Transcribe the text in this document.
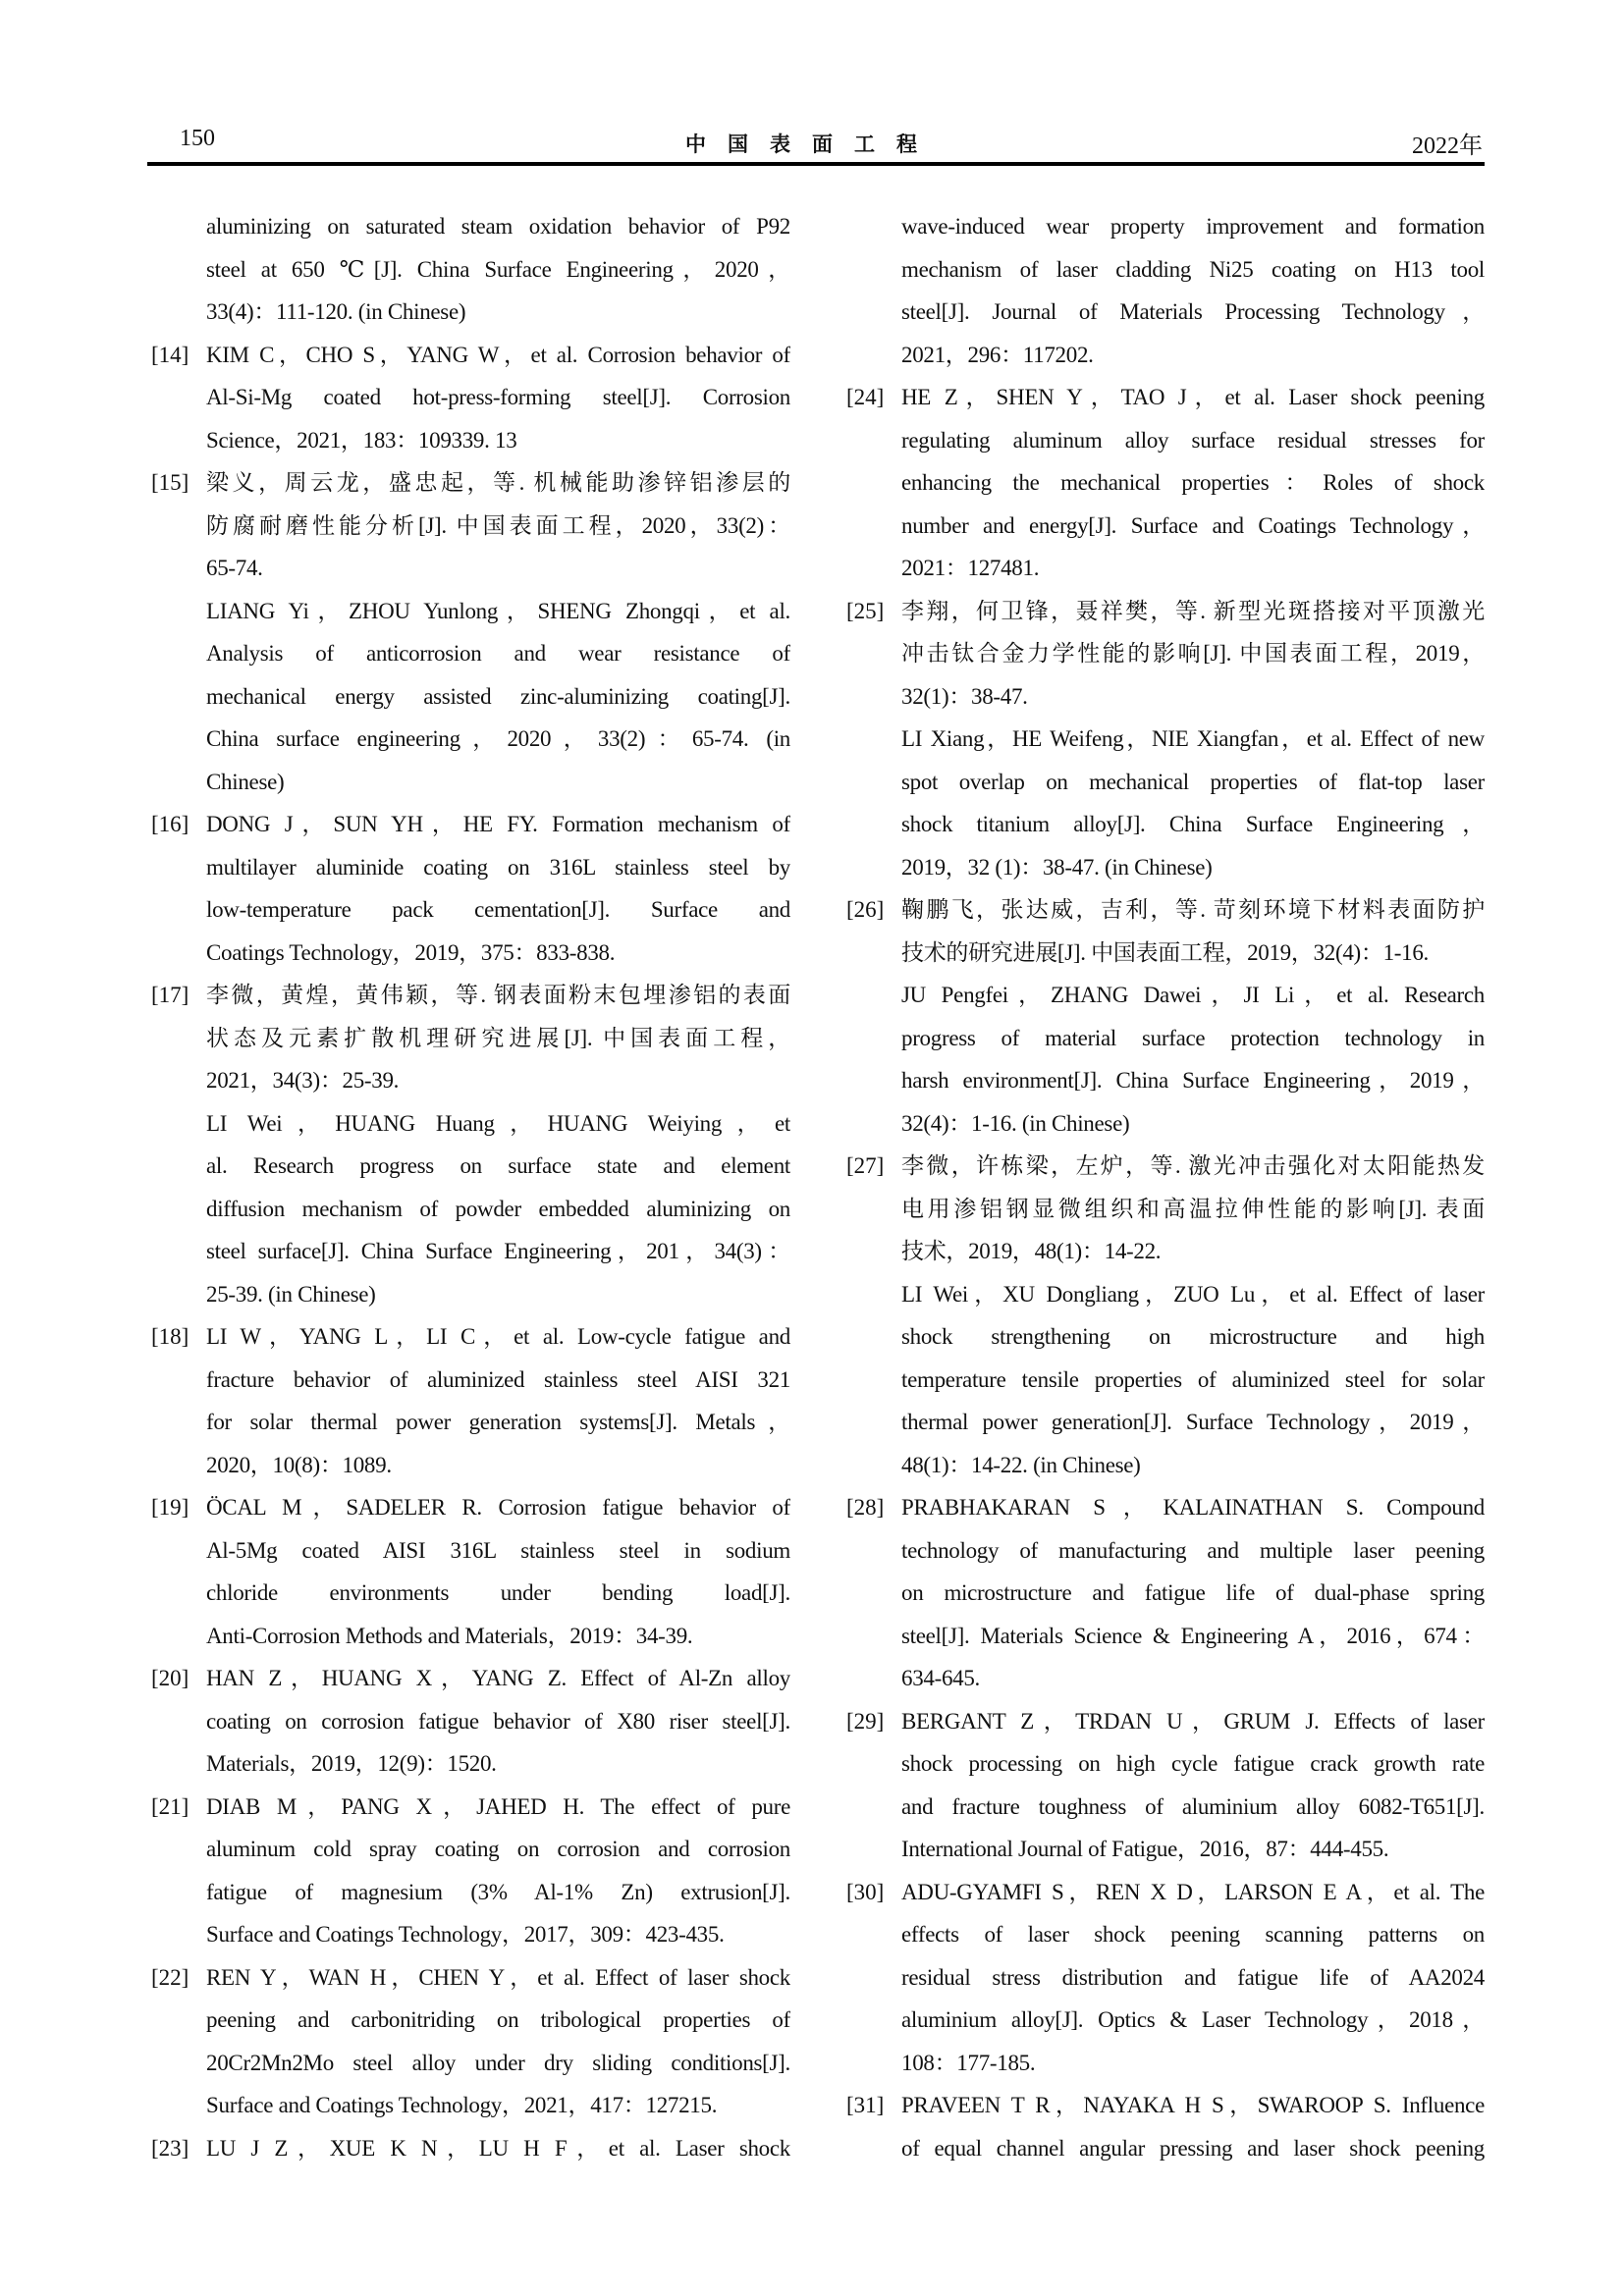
150	中国表面工程	2022年
aluminizing on saturated steam oxidation behavior of P92
steel at 650 ℃[J]. China Surface Engineering，2020，
33(4)：111-120. (in Chinese)
[14] KIM C，CHO S，YANG W，et al. Corrosion behavior of
Al-Si-Mg coated hot-press-forming steel[J]. Corrosion
Science，2021，183：109339. 13
[15] 梁义，周云龙，盛忠起，等. 机械能助渗锌铝渗层的
防腐耐磨性能分析[J]. 中国表面工程，2020，33(2)：
65-74.
LIANG Yi，ZHOU Yunlong，SHENG Zhongqi，et al.
Analysis of anticorrosion and wear resistance of
mechanical energy assisted zinc-aluminizing coating[J].
China surface engineering，2020，33(2)：65-74. (in
Chinese)
[16] DONG J，SUN YH，HE FY. Formation mechanism of
multilayer aluminide coating on 316L stainless steel by
low-temperature pack cementation[J]. Surface and
Coatings Technology，2019，375：833-838.
[17] 李微，黄煌，黄伟颖，等. 钢表面粉末包埋渗铝的表面
状态及元素扩散机理研究进展[J]. 中国表面工程，
2021，34(3)：25-39.
LI Wei，HUANG Huang，HUANG Weiying，et
al. Research progress on surface state and element
diffusion mechanism of powder embedded aluminizing on
steel surface[J]. China Surface Engineering，201，34(3)：
25-39. (in Chinese)
[18] LI W，YANG L，LI C，et al. Low-cycle fatigue and
fracture behavior of aluminized stainless steel AISI 321
for solar thermal power generation systems[J]. Metals，
2020，10(8)：1089.
[19] ÖCAL M，SADELER R. Corrosion fatigue behavior of
Al-5Mg coated AISI 316L stainless steel in sodium
chloride environments under bending load[J].
Anti-Corrosion Methods and Materials，2019：34-39.
[20] HAN Z，HUANG X，YANG Z. Effect of Al-Zn alloy
coating on corrosion fatigue behavior of X80 riser steel[J].
Materials，2019，12(9)：1520.
[21] DIAB M，PANG X，JAHED H. The effect of pure
aluminum cold spray coating on corrosion and corrosion
fatigue of magnesium (3% Al-1% Zn) extrusion[J].
Surface and Coatings Technology，2017，309：423-435.
[22] REN Y，WAN H，CHEN Y，et al. Effect of laser shock
peening and carbonitriding on tribological properties of
20Cr2Mn2Mo steel alloy under dry sliding conditions[J].
Surface and Coatings Technology，2021，417：127215.
[23] LU J Z，XUE K N，LU H F，et al. Laser shock
wave-induced wear property improvement and formation
mechanism of laser cladding Ni25 coating on H13 tool
steel[J]. Journal of Materials Processing Technology，
2021，296：117202.
[24] HE Z，SHEN Y，TAO J，et al. Laser shock peening
regulating aluminum alloy surface residual stresses for
enhancing the mechanical properties：Roles of shock
number and energy[J]. Surface and Coatings Technology，
2021：127481.
[25] 李翔，何卫锋，聂祥樊，等. 新型光斑搭接对平顶激光
冲击钛合金力学性能的影响[J]. 中国表面工程，2019，
32(1)：38-47.
LI Xiang，HE Weifeng，NIE Xiangfan，et al. Effect of new
spot overlap on mechanical properties of flat-top laser
shock titanium alloy[J]. China Surface Engineering，
2019，32 (1)：38-47. (in Chinese)
[26] 鞠鹏飞，张达威，吉利，等. 苛刻环境下材料表面防护
技术的研究进展[J]. 中国表面工程，2019，32(4)：1-16.
JU Pengfei，ZHANG Dawei，JI Li，et al. Research
progress of material surface protection technology in
harsh environment[J]. China Surface Engineering，2019，
32(4)：1-16. (in Chinese)
[27] 李微，许栋梁，左炉，等. 激光冲击强化对太阳能热发
电用渗铝钢显微组织和高温拉伸性能的影响[J]. 表面
技术，2019，48(1)：14-22.
LI Wei，XU Dongliang，ZUO Lu，et al. Effect of laser
shock strengthening on microstructure and high
temperature tensile properties of aluminized steel for solar
thermal power generation[J]. Surface Technology，2019，
48(1)：14-22. (in Chinese)
[28] PRABHAKARAN S，KALAINATHAN S. Compound
technology of manufacturing and multiple laser peening
on microstructure and fatigue life of dual-phase spring
steel[J]. Materials Science & Engineering A，2016，674：
634-645.
[29] BERGANT Z，TRDAN U，GRUM J. Effects of laser
shock processing on high cycle fatigue crack growth rate
and fracture toughness of aluminium alloy 6082-T651[J].
International Journal of Fatigue，2016，87：444-455.
[30] ADU-GYAMFI S，REN X D，LARSON E A，et al. The
effects of laser shock peening scanning patterns on
residual stress distribution and fatigue life of AA2024
aluminium alloy[J]. Optics & Laser Technology，2018，
108：177-185.
[31] PRAVEEN T R，NAYAKA H S，SWAROOP S. Influence
of equal channel angular pressing and laser shock peening
